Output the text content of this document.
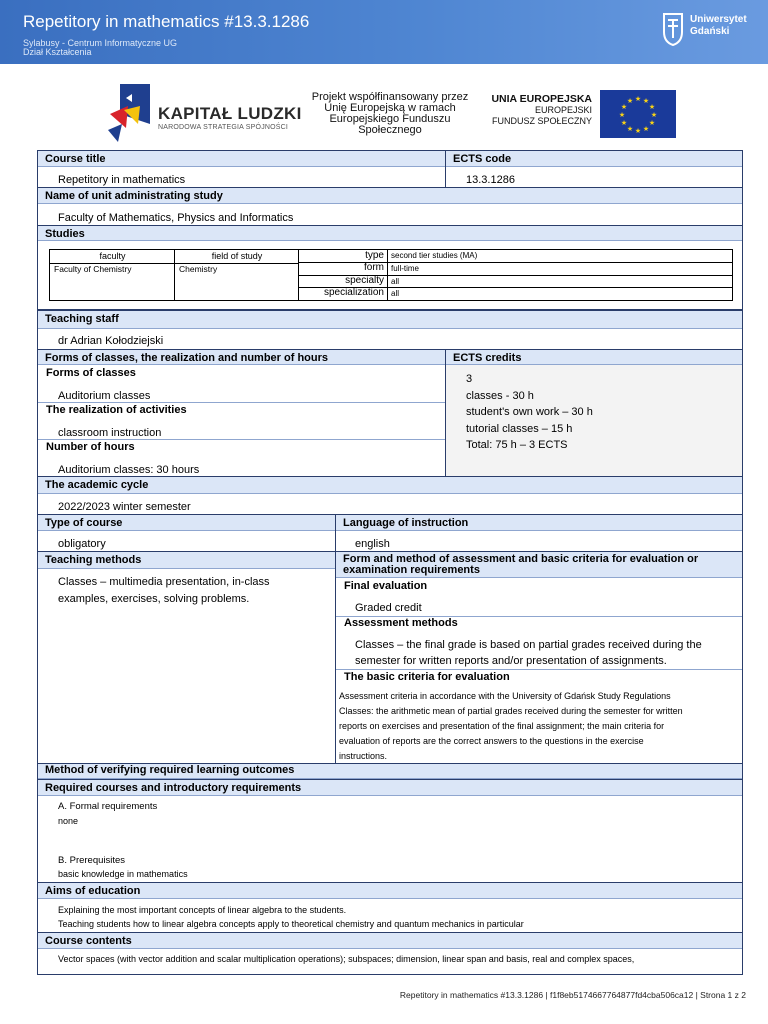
Repetitory in mathematics #13.3.1286
Sylabusy - Centrum Informatyczne UG
Dział Kształcenia
Uniwersytet
Gdański
KAPITAŁ LUDZKI
NARODOWA STRATEGIA SPÓJNOŚCI
Projekt współfinansowany przez
Unię Europejską w ramach
Europejskiego Funduszu
Społecznego
UNIA EUROPEJSKA
EUROPEJSKI
FUNDUSZ SPOŁECZNY
★ ★
★
★
★
★
★
★
★
★
★
★
Course title	ECTS code
Repetitory in mathematics	13.3.1286
Name of unit administrating study
Faculty of Mathematics, Physics and Informatics
Studies
faculty	field of study
Faculty of Chemistry	Chemistry
type second tier studies (MA)
form full-time
specialty all
specialization all
Teaching staff
dr Adrian Kołodziejski
Forms of classes, the realization and number of hours	ECTS credits
Forms of classes
Auditorium classes
The realization of activities
classroom instruction
Number of hours
Auditorium classes: 30 hours
3
classes - 30 h
student's own work – 30 h
tutorial classes – 15 h
Total: 75 h – 3 ECTS
The academic cycle
2022/2023 winter semester
Type of course	Language of instruction
obligatory	english
Teaching methods
Classes – multimedia presentation, in-class
examples, exercises, solving problems.
Form and method of assessment and basic criteria for evaluation or
examination requirements
Final evaluation
Graded credit
Assessment methods
Classes – the final grade is based on partial grades received during the
semester for written reports and/or presentation of assignments.
The basic criteria for evaluation
Assessment criteria in accordance with the University of Gdańsk Study Regulations
Classes: the arithmetic mean of partial grades received during the semester for written
reports on exercises and presentation of the final assignment; the main criteria for
evaluation of reports are the correct answers to the questions in the exercise
instructions.
Method of verifying required learning outcomes
Required courses and introductory requirements
A. Formal requirements
none
B. Prerequisites
basic knowledge in mathematics
Aims of education
Explaining the most important concepts of linear algebra to the students.
Teaching students how to linear algebra concepts apply to theoretical chemistry and quantum mechanics in particular
Course contents
Vector spaces (with vector addition and scalar multiplication operations); subspaces; dimension, linear span and basis, real and complex spaces,
Repetitory in mathematics #13.3.1286 | f1f8eb5174667764877fd4cba506ca12 | Strona 1 z 2
